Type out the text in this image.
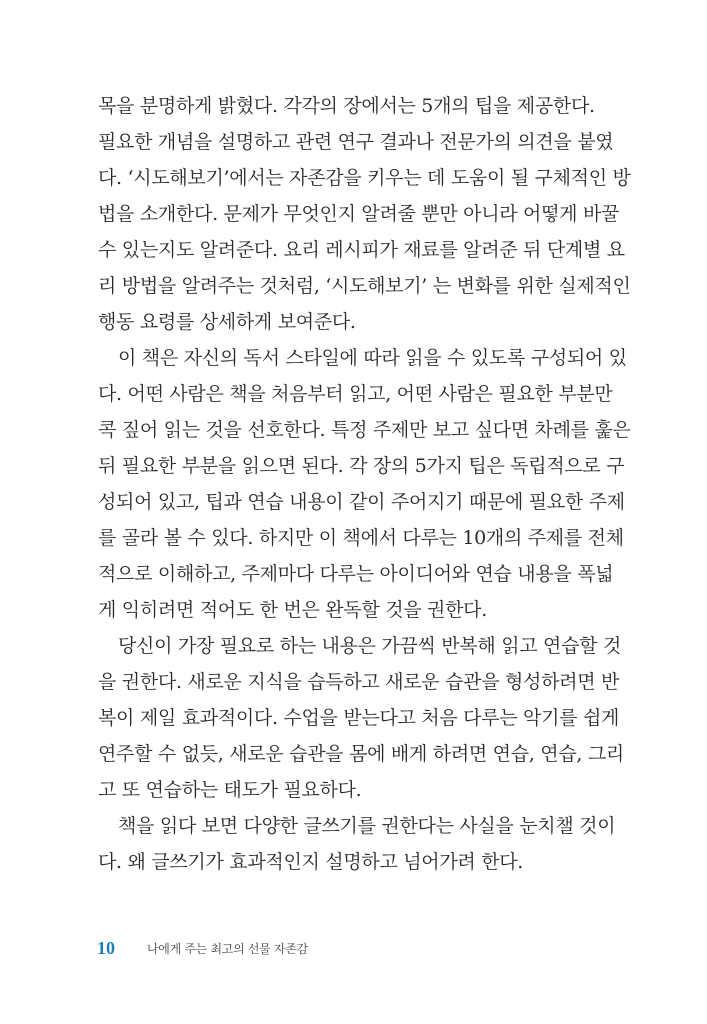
목을 분명하게 밝혔다. 각각의 장에서는 5개의 팁을 제공한다.
필요한 개념을 설명하고 관련 연구 결과나 전문가의 의견을 붙였
다. ‘시도해보기’에서는 자존감을 키우는 데 도움이 될 구체적인 방
법을 소개한다. 문제가 무엇인지 알려줄 뿐만 아니라 어떻게 바꿀
수 있는지도 알려준다. 요리 레시피가 재료를 알려준 뒤 단계별 요
리 방법을 알려주는 것처럼, ‘시도해보기’ 는 변화를 위한 실제적인
행동 요령를 상세하게 보여준다.
이 책은 자신의 독서 스타일에 따라 읽을 수 있도록 구성되어 있
다. 어떤 사람은 책을 처음부터 읽고, 어떤 사람은 필요한 부분만
콕 짚어 읽는 것을 선호한다. 특정 주제만 보고 싶다면 차례를 훑은
뒤 필요한 부분을 읽으면 된다. 각 장의 5가지 팁은 독립적으로 구
성되어 있고, 팁과 연습 내용이 같이 주어지기 때문에 필요한 주제
를 골라 볼 수 있다. 하지만 이 책에서 다루는 10개의 주제를 전체
적으로 이해하고, 주제마다 다루는 아이디어와 연습 내용을 폭넓
게 익히려면 적어도 한 번은 완독할 것을 권한다.
당신이 가장 필요로 하는 내용은 가끔씩 반복해 읽고 연습할 것
을 권한다. 새로운 지식을 습득하고 새로운 습관을 형성하려면 반
복이 제일 효과적이다. 수업을 받는다고 처음 다루는 악기를 쉽게
연주할 수 없듯, 새로운 습관을 몸에 배게 하려면 연습, 연습, 그리
고 또 연습하는 태도가 필요하다.
책을 읽다 보면 다양한 글쓰기를 권한다는 사실을 눈치챌 것이
다. 왜 글쓰기가 효과적인지 설명하고 넘어가려 한다.
10	나에게 주는 최고의 선물 자존감
